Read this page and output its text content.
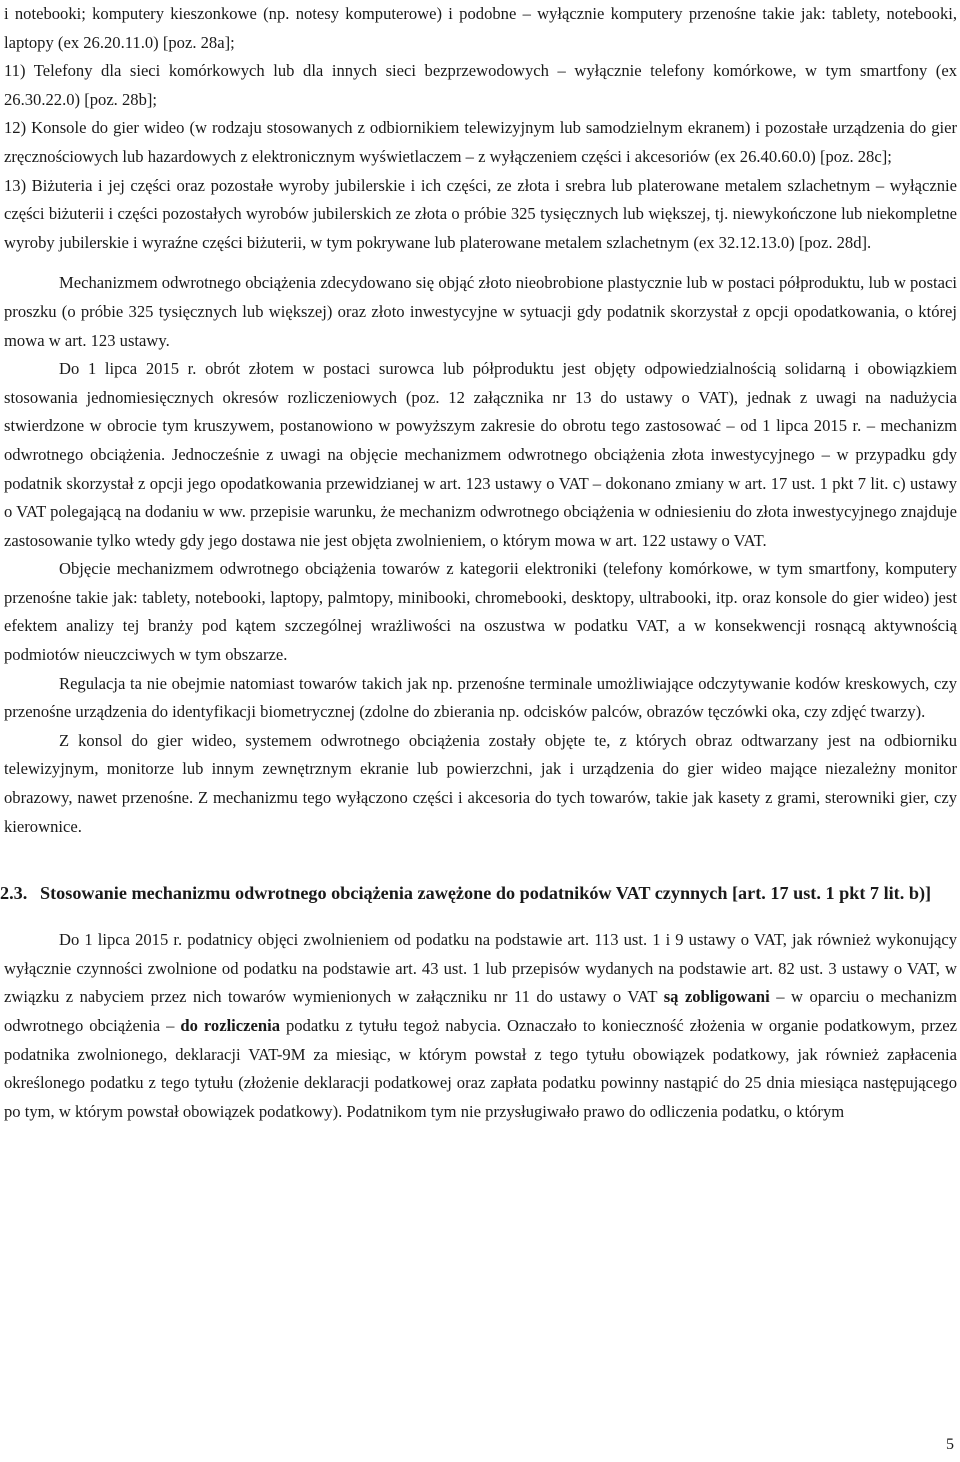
i notebooki; komputery kieszonkowe (np. notesy komputerowe) i podobne – wyłącznie komputery przenośne takie jak: tablety, notebooki, laptopy (ex 26.20.11.0) [poz. 28a];

11) Telefony dla sieci komórkowych lub dla innych sieci bezprzewodowych – wyłącznie telefony komórkowe, w tym smartfony (ex 26.30.22.0) [poz. 28b];

12) Konsole do gier wideo (w rodzaju stosowanych z odbiornikiem telewizyjnym lub samodzielnym ekranem) i pozostałe urządzenia do gier zręcznościowych lub hazardowych z elektronicznym wyświetlaczem – z wyłączeniem części i akcesoriów (ex 26.40.60.0) [poz. 28c];

13) Biżuteria i jej części oraz pozostałe wyroby jubilerskie i ich części, ze złota i srebra lub platerowane metalem szlachetnym – wyłącznie części biżuterii i części pozostałych wyrobów jubilerskich ze złota o próbie 325 tysięcznych lub większej, tj. niewykończone lub niekompletne wyroby jubilerskie i wyraźne części biżuterii, w tym pokrywane lub platerowane metalem szlachetnym (ex 32.12.13.0) [poz. 28d].

Mechanizmem odwrotnego obciążenia zdecydowano się objąć złoto nieobrobione plastycznie lub w postaci półproduktu, lub w postaci proszku (o próbie 325 tysięcznych lub większej) oraz złoto inwestycyjne w sytuacji gdy podatnik skorzystał z opcji opodatkowania, o której mowa w art. 123 ustawy.

Do 1 lipca 2015 r. obrót złotem w postaci surowca lub półproduktu jest objęty odpowiedzialnością solidarną i obowiązkiem stosowania jednomiesięcznych okresów rozliczeniowych (poz. 12 załącznika nr 13 do ustawy o VAT), jednak z uwagi na nadużycia stwierdzone w obrocie tym kruszywem, postanowiono w powyższym zakresie do obrotu tego zastosować – od 1 lipca 2015 r. – mechanizm odwrotnego obciążenia. Jednocześnie z uwagi na objęcie mechanizmem odwrotnego obciążenia złota inwestycyjnego – w przypadku gdy podatnik skorzystał z opcji jego opodatkowania przewidzianej w art. 123 ustawy o VAT – dokonano zmiany w art. 17 ust. 1 pkt 7 lit. c) ustawy o VAT polegającą na dodaniu w ww. przepisie warunku, że mechanizm odwrotnego obciążenia w odniesieniu do złota inwestycyjnego znajduje zastosowanie tylko wtedy gdy jego dostawa nie jest objęta zwolnieniem, o którym mowa w art. 122 ustawy o VAT.

Objęcie mechanizmem odwrotnego obciążenia towarów z kategorii elektroniki (telefony komórkowe, w tym smartfony, komputery przenośne takie jak: tablety, notebooki, laptopy, palmtopy, minibooki, chromebooki, desktopy, ultrabooki, itp. oraz konsole do gier wideo) jest efektem analizy tej branży pod kątem szczególnej wrażliwości na oszustwa w podatku VAT, a w konsekwencji rosnącą aktywnością podmiotów nieuczciwych w tym obszarze.

Regulacja ta nie obejmie natomiast towarów takich jak np. przenośne terminale umożliwiające odczytywanie kodów kreskowych, czy przenośne urządzenia do identyfikacji biometrycznej (zdolne do zbierania np. odcisków palców, obrazów tęczówki oka, czy zdjęć twarzy).

Z konsol do gier wideo, systemem odwrotnego obciążenia zostały objęte te, z których obraz odtwarzany jest na odbiorniku telewizyjnym, monitorze lub innym zewnętrznym ekranie lub powierzchni, jak i urządzenia do gier wideo mające niezależny monitor obrazowy, nawet przenośne. Z mechanizmu tego wyłączono części i akcesoria do tych towarów, takie jak kasety z grami, sterowniki gier, czy kierownice.

2.3. Stosowanie mechanizmu odwrotnego obciążenia zawężone do podatników VAT czynnych [art. 17 ust. 1 pkt 7 lit. b)]

Do 1 lipca 2015 r. podatnicy objęci zwolnieniem od podatku na podstawie art. 113 ust. 1 i 9 ustawy o VAT, jak również wykonujący wyłącznie czynności zwolnione od podatku na podstawie art. 43 ust. 1 lub przepisów wydanych na podstawie art. 82 ust. 3 ustawy o VAT, w związku z nabyciem przez nich towarów wymienionych w załączniku nr 11 do ustawy o VAT są zobligowani – w oparciu o mechanizm odwrotnego obciążenia – do rozliczenia podatku z tytułu tegoż nabycia. Oznaczało to konieczność złożenia w organie podatkowym, przez podatnika zwolnionego, deklaracji VAT-9M za miesiąc, w którym powstał z tego tytułu obowiązek podatkowy, jak również zapłacenia określonego podatku z tego tytułu (złożenie deklaracji podatkowej oraz zapłata podatku powinny nastąpić do 25 dnia miesiąca następującego po tym, w którym powstał obowiązek podatkowy). Podatnikom tym nie przysługiwało prawo do odliczenia podatku, o którym

5
